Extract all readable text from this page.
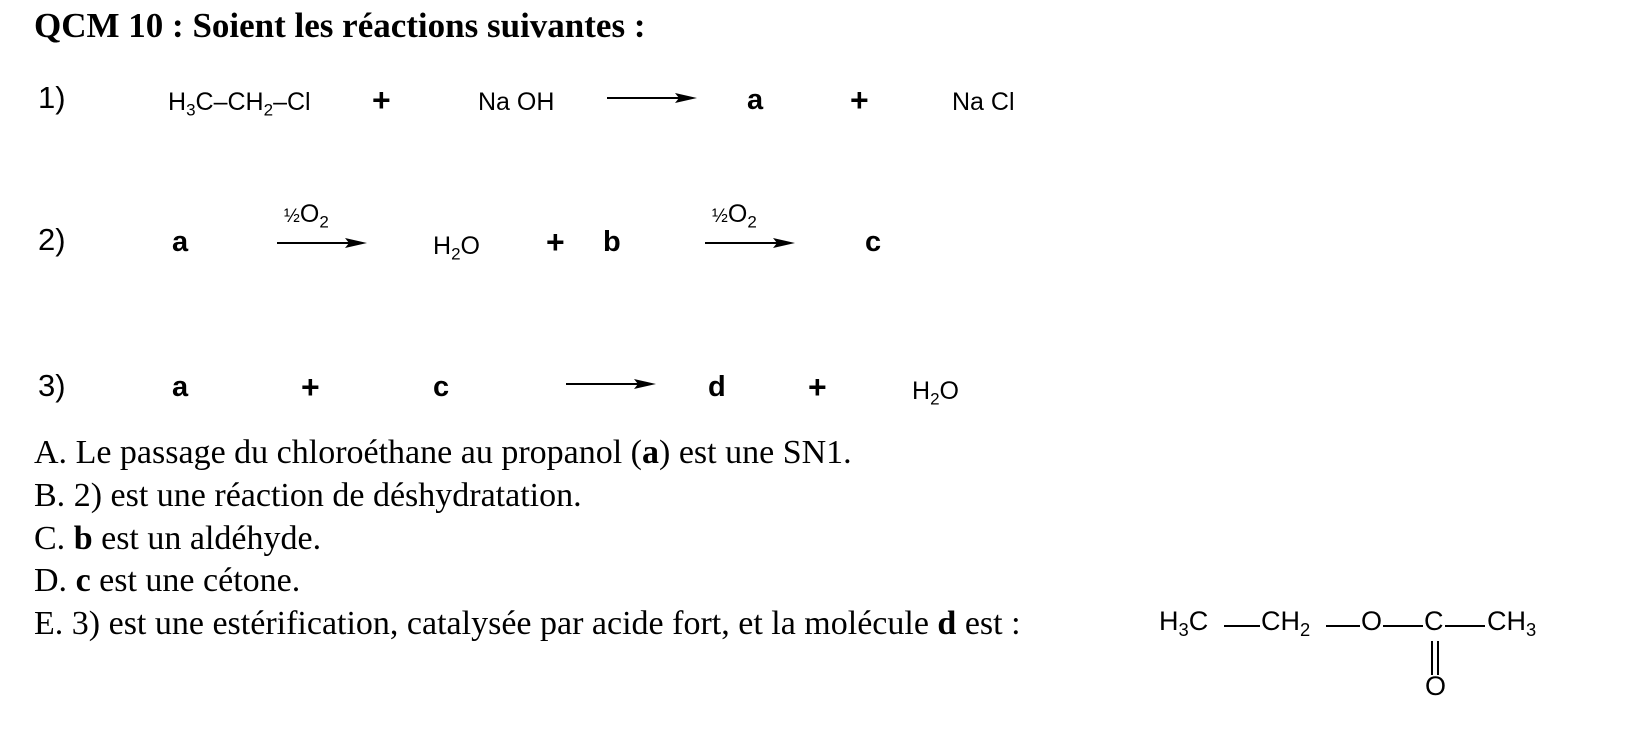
QCM 10 : Soient les réactions suivantes :
1)	$H_3C-CH_2-Cl$ +	Na OH	a	+	Na Cl
2)	a
$\frac{1}{2}O_2$
$H_2O + b$
$\frac{1}{2}O_2$
c
3)	a	+	c	d	+	$H_2O$
A. Le passage du chloroéthane au propanol (a) est une SN1.
B. 2) est une réaction de déshydratation.
C. b est un aldéhyde.
D. c est une cétone.
E. 3) est une estérification, catalysée par acide fort, et la molécule d est :	$H_3C$ $CH_2$ O C $CH_3$
O
